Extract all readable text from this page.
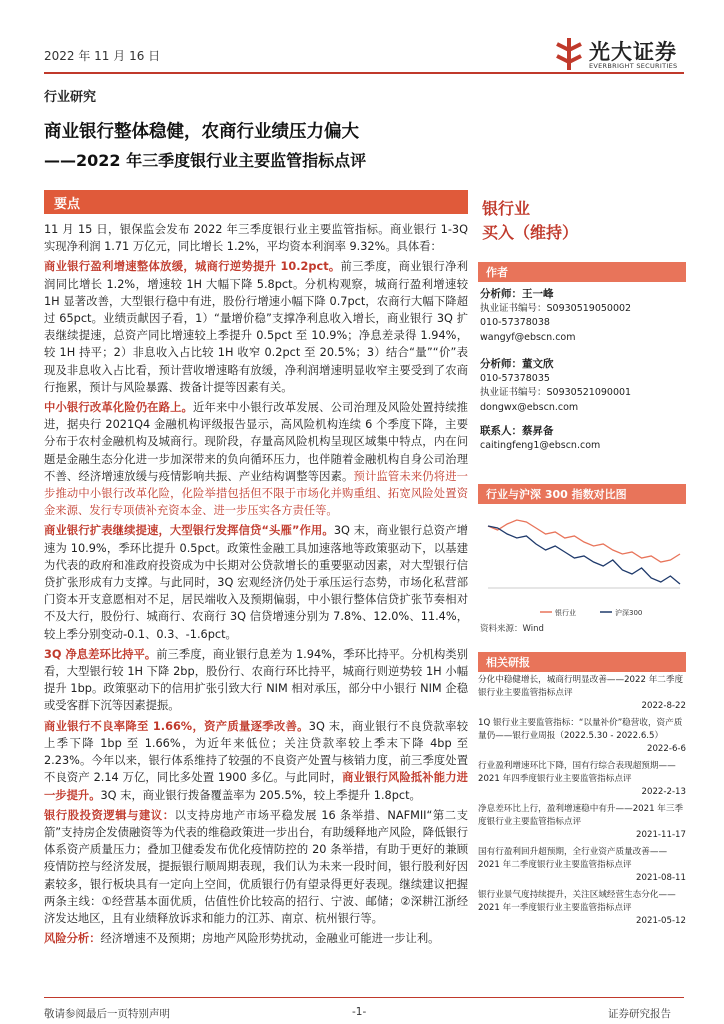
2022 年 11 月 16 日	光大证券
EVERBRIGHT SECURITIES
行业研究
商业银行整体稳健，农商行业绩压力偏大
——2022 年三季度银行业主要监管指标点评
要点

11 月 15 日，银保监会发布 2022 年三季度银行业主要监管指标。商业银行 1-3Q 实现净利润 1.71 万亿元，同比增长 1.2%，平均资本利润率 9.32%。具体看：

商业银行盈利增速整体放缓，城商行逆势提升 10.2pct。前三季度，商业银行净利润同比增长 1.2%，增速较 1H 大幅下降 5.8pct。分机构观察，城商行盈利增速较 1H 显著改善，大型银行稳中有进，股份行增速小幅下降 0.7pct，农商行大幅下降超过 65pct。业绩贡献因子看，1）“量增价稳”支撑净利息收入增长，商业银行 3Q 扩表继续提速，总资产同比增速较上季提升 0.5pct 至 10.9%；净息差录得 1.94%，较 1H 持平；2）非息收入占比较 1H 收窄 0.2pct 至 20.5%；3）结合“量”“价”表现及非息收入占比看，预计营收增速略有放缓，净利润增速明显收窄主要受到了农商行拖累，预计与风险暴露、拨备计提等因素有关。

中小银行改革化险仍在路上。近年来中小银行改革发展、公司治理及风险处置持续推进，据央行 2021Q4 金融机构评级报告显示，高风险机构连续 6 个季度下降，主要分布于农村金融机构及城商行。现阶段，存量高风险机构呈现区域集中特点，内在问题是金融生态分化进一步加深带来的负向循环压力，也伴随着金融机构自身公司治理不善、经济增速放缓与疫情影响共振、产业结构调整等因素。预计监管未来仍将进一步推动中小银行改革化险，化险举措包括但不限于市场化并购重组、拓宽风险处置资金来源、发行专项债补充资本金、进一步压实各方责任等。

商业银行扩表继续提速，大型银行发挥信贷“头雁”作用。3Q 末，商业银行总资产增速为 10.9%，季环比提升 0.5pct。政策性金融工具加速落地等政策驱动下，以基建为代表的政府和准政府投资成为中长期对公贷款增长的重要驱动因素，对大型银行信贷扩张形成有力支撑。与此同时，3Q 宏观经济仍处于承压运行态势，市场化私营部门资本开支意愿相对不足，居民端收入及预期偏弱，中小银行整体信贷扩张节奏相对不及大行，股份行、城商行、农商行 3Q 信贷增速分别为 7.8%、12.0%、11.4%，较上季分别变动-0.1、0.3、-1.6pct。

3Q 净息差环比持平。前三季度，商业银行息差为 1.94%，季环比持平。分机构类别看，大型银行较 1H 下降 2bp，股份行、农商行环比持平，城商行则逆势较 1H 小幅提升 1bp。政策驱动下的信用扩张引致大行 NIM 相对承压，部分中小银行 NIM 企稳或受客群下沉等因素提振。

商业银行不良率降至 1.66%，资产质量逐季改善。3Q 末，商业银行不良贷款率较上季下降 1bp 至 1.66%，为近年来低位；关注贷款率较上季末下降 4bp 至 2.23%。今年以来，银行体系维持了较强的不良资产处置与核销力度，前三季度处置不良资产 2.14 万亿，同比多处置 1900 多亿。与此同时，商业银行风险抵补能力进一步提升。3Q 末，商业银行拨备覆盖率为 205.5%，较上季提升 1.8pct。

银行股投资逻辑与建议：以支持房地产市场平稳发展 16 条举措、NAFMII“第二支箭”支持房企发债融资等为代表的维稳政策进一步出台，有助缓释地产风险，降低银行体系资产质量压力；叠加卫健委发布优化疫情防控的 20 条举措，有助于更好的兼顾疫情防控与经济发展，提振银行顺周期表现，我们认为未来一段时间，银行股利好因素较多，银行板块具有一定向上空间，优质银行仍有望录得更好表现。继续建议把握两条主线：①经营基本面优质，估值性价比较高的招行、宁波、邮储；②深耕江浙经济发达地区，且有业绩释放诉求和能力的江苏、南京、杭州银行等。

风险分析：经济增速不及预期；房地产风险形势扰动，金融业可能进一步让利。

银行业
买入（维持）
作者
分析师：王一峰
执业证书编号：S0930519050002
010-57378038
wangyf@ebscn.com
分析师：董文欣
010-57378035
执业证书编号：S0930521090001
dongwx@ebscn.com
联系人：蔡昇备
caitingfeng1@ebscn.com
行业与沪深 300 指数对比图
银行业	沪深300
资料来源：Wind
相关研报
分化中稳健增长，城商行明显改善——2022 年二季度银行业主要监管指标点评
2022-8-22
1Q 银行业主要监管指标：“以量补价”稳营收，资产质量仍——银行业周报（2022.5.30 - 2022.6.5）
2022-6-6
行业盈利增速环比下降，国有行综合表现超预期——2021 年四季度银行业主要监管指标点评
2022-2-13
净息差环比上行，盈利增速稳中有升——2021 年三季度银行业主要监管指标点评
2021-11-17
国有行盈利回升超预期，全行业资产质量改善——2021 年二季度银行业主要监管指标点评
2021-08-11
银行业景气度持续提升，关注区域经营生态分化——2021 年一季度银行业主要监管指标点评
2021-05-12
敬请参阅最后一页特别声明	-1-	证券研究报告
